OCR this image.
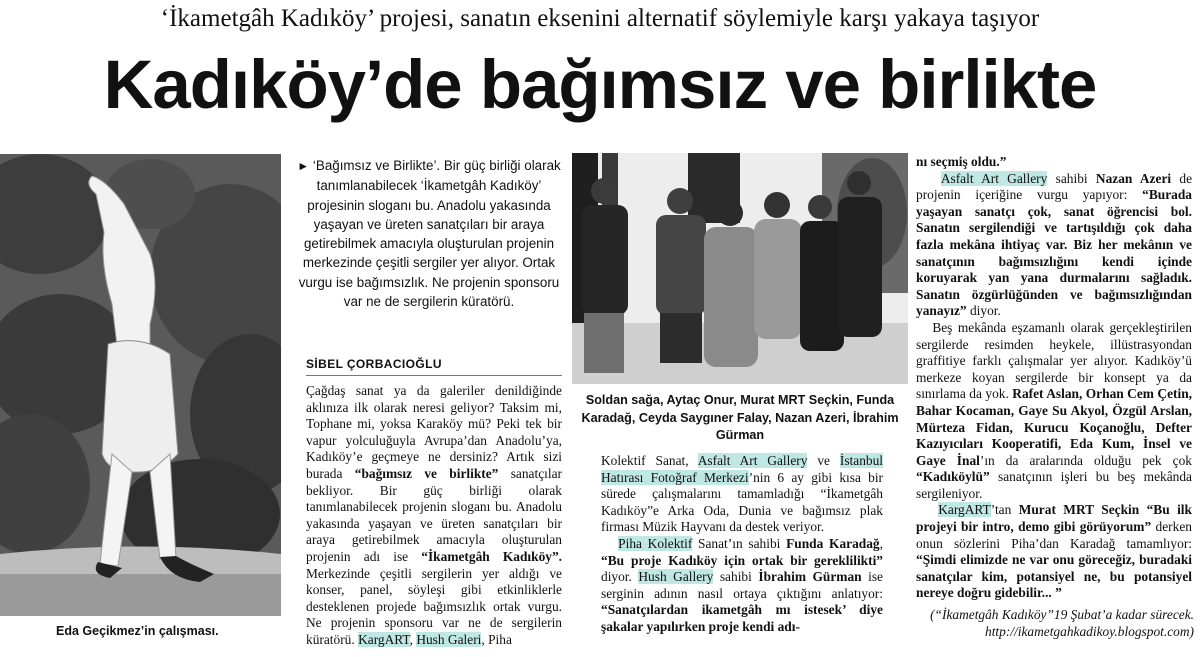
‘İkametgâh Kadıköy’ projesi, sanatın eksenini alternatif söylemiyle karşı yakaya taşıyor
Kadıköy’de bağımsız ve birlikte
Eda Geçikmez’in çalışması.
► ‘Bağımsız ve Birlikte’. Bir güç birliği olarak tanımlanabilecek ‘İkametgâh Kadıköy’ projesinin sloganı bu. Anadolu yakasında yaşayan ve üreten sanatçıları bir araya getirebilmek amacıyla oluşturulan projenin merkezinde çeşitli sergiler yer alıyor. Ortak vurgu ise bağımsızlık. Ne projenin sponsoru var ne de sergilerin küratörü.
SİBEL ÇORBACIOĞLU
Çağdaş sanat ya da galeriler denildiğinde aklınıza ilk olarak neresi geliyor? Taksim mi, Tophane mi, yoksa Karaköy mü? Peki tek bir vapur yolculuğuyla Avrupa’dan Anadolu’ya, Kadıköy’e geçmeye ne dersiniz? Artık sizi burada “bağımsız ve birlikte” sanatçılar bekliyor. Bir güç birliği olarak tanımlanabilecek projenin sloganı bu. Anadolu yakasında yaşayan ve üreten sanatçıları bir araya getirebilmek amacıyla oluşturulan projenin adı ise “İkametgâh Kadıköy”. Merkezinde çeşitli sergilerin yer aldığı ve konser, panel, söyleşi gibi etkinliklerle desteklenen projede bağımsızlık ortak vurgu. Ne projenin sponsoru var ne de sergilerin küratörü. KargART, Hush Galeri, Piha
Soldan sağa, Aytaç Onur, Murat MRT Seçkin, Funda Karadağ, Ceyda Saygıner Falay, Nazan Azeri, İbrahim Gürman
Kolektif Sanat, Asfalt Art Gallery ve İstanbul Hatırası Fotoğraf Merkezi’nin 6 ay gibi kısa bir sürede çalışmalarını tamamladığı “İkametgâh Kadıköy”e Arka Oda, Dunia ve bağımsız plak firması Müzik Hayvanı da destek veriyor.
Piha Kolektif Sanat’ın sahibi Funda Karadağ, “Bu proje Kadıköy için ortak bir gereklilikti” diyor. Hush Gallery sahibi İbrahim Gürman ise serginin adının nasıl ortaya çıktığını anlatıyor: “Sanatçılardan ikametgâh mı istesek’ diye şakalar yapılırken proje kendi adı-
nı seçmiş oldu.”
Asfalt Art Gallery sahibi Nazan Azeri de projenin içeriğine vurgu yapıyor: “Burada yaşayan sanatçı çok, sanat öğrencisi bol. Sanatın sergilendiği ve tartışıldığı çok daha fazla mekâna ihtiyaç var. Biz her mekânın ve sanatçının bağımsızlığını kendi içinde koruyarak yan yana durmalarını sağladık. Sanatın özgürlüğünden ve bağımsızlığından yanayız” diyor.
Beş mekânda eşzamanlı olarak gerçekleştirilen sergilerde resimden heykele, illüstrasyondan graffitiye farklı çalışmalar yer alıyor. Kadıköy’ü merkeze koyan sergilerde bir konsept ya da sınırlama da yok. Rafet Aslan, Orhan Cem Çetin, Bahar Kocaman, Gaye Su Akyol, Özgül Arslan, Mürteza Fidan, Kurucu Koçanoğlu, Defter Kazıyıcıları Kooperatifi, Eda Kum, İnsel ve Gaye İnal’ın da aralarında olduğu pek çok “Kadıköylü” sanatçının işleri bu beş mekânda sergileniyor.
KargART’tan Murat MRT Seçkin “Bu ilk projeyi bir intro, demo gibi görüyorum” derken onun sözlerini Piha’dan Karadağ tamamlıyor: “Şimdi elimizde ne var onu göreceğiz, buradaki sanatçılar kim, potansiyel ne, bu potansiyel nereye doğru gidebilir... ”
(“İkametgâh Kadıköy”19 Şubat’a kadar sürecek. http://ikametgahkadikoy.blogspot.com)
